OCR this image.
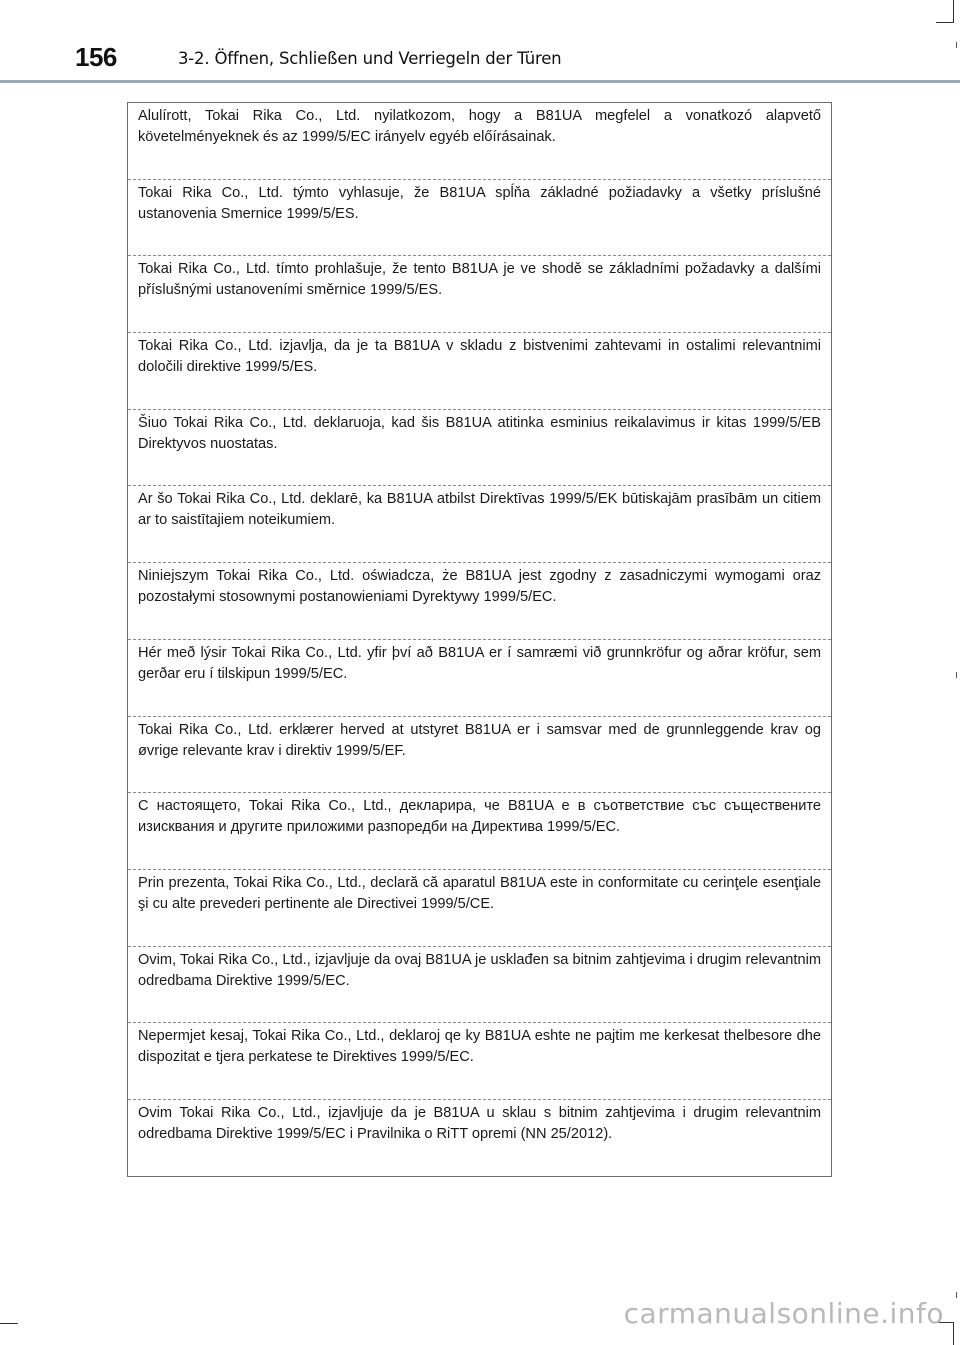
156	3-2. Öffnen, Schließen und Verriegeln der Türen

Alulírott, Tokai Rika Co., Ltd. nyilatkozom, hogy a B81UA megfelel a vonatkozó alapvető követelményeknek és az 1999/5/EC irányelv egyéb előírásainak.

Tokai Rika Co., Ltd. týmto vyhlasuje, že B81UA spĺňa základné požiadavky a všetky príslušné ustanovenia Smernice 1999/5/ES.

Tokai Rika Co., Ltd. tímto prohlašuje, že tento B81UA je ve shodě se základními požadavky a dalšími příslušnými ustanoveními směrnice 1999/5/ES.

Tokai Rika Co., Ltd. izjavlja, da je ta B81UA v skladu z bistvenimi zahtevami in ostalimi relevantnimi določili direktive 1999/5/ES.

Šiuo Tokai Rika Co., Ltd. deklaruoja, kad šis B81UA atitinka esminius reikalavimus ir kitas 1999/5/EB Direktyvos nuostatas.

Ar šo Tokai Rika Co., Ltd. deklarē, ka B81UA atbilst Direktīvas 1999/5/EK būtiskajām prasībām un citiem ar to saistītajiem noteikumiem.

Niniejszym Tokai Rika Co., Ltd. oświadcza, że B81UA jest zgodny z zasadniczymi wymogami oraz pozostałymi stosownymi postanowieniami Dyrektywy 1999/5/EC.

Hér með lýsir Tokai Rika Co., Ltd. yfir því að B81UA er í samræmi við grunnkröfur og aðrar kröfur, sem gerðar eru í tilskipun 1999/5/EC.

Tokai Rika Co., Ltd. erklærer herved at utstyret B81UA er i samsvar med de grunnleggende krav og øvrige relevante krav i direktiv 1999/5/EF.

С настоящето, Tokai Rika Co., Ltd., декларира, че B81UA е в съответствие със съществените изисквания и другите приложими разпоредби на Директива 1999/5/EC.

Prin prezenta, Tokai Rika Co., Ltd., declară că aparatul B81UA este in conformitate cu cerinţele esenţiale şi cu alte prevederi pertinente ale Directivei 1999/5/CE.

Ovim, Tokai Rika Co., Ltd., izjavljuje da ovaj B81UA je usklađen sa bitnim zahtjevima i drugim relevantnim odredbama Direktive 1999/5/EC.

Nepermjet kesaj, Tokai Rika Co., Ltd., deklaroj qe ky B81UA eshte ne pajtim me kerkesat thelbesore dhe dispozitat e tjera perkatese te Direktives 1999/5/EC.

Ovim Tokai Rika Co., Ltd., izjavljuje da je B81UA u sklau s bitnim zahtjevima i drugim relevantnim odredbama Direktive 1999/5/EC i Pravilnika o RiTT opremi (NN 25/2012).

carmanualsonline.info
